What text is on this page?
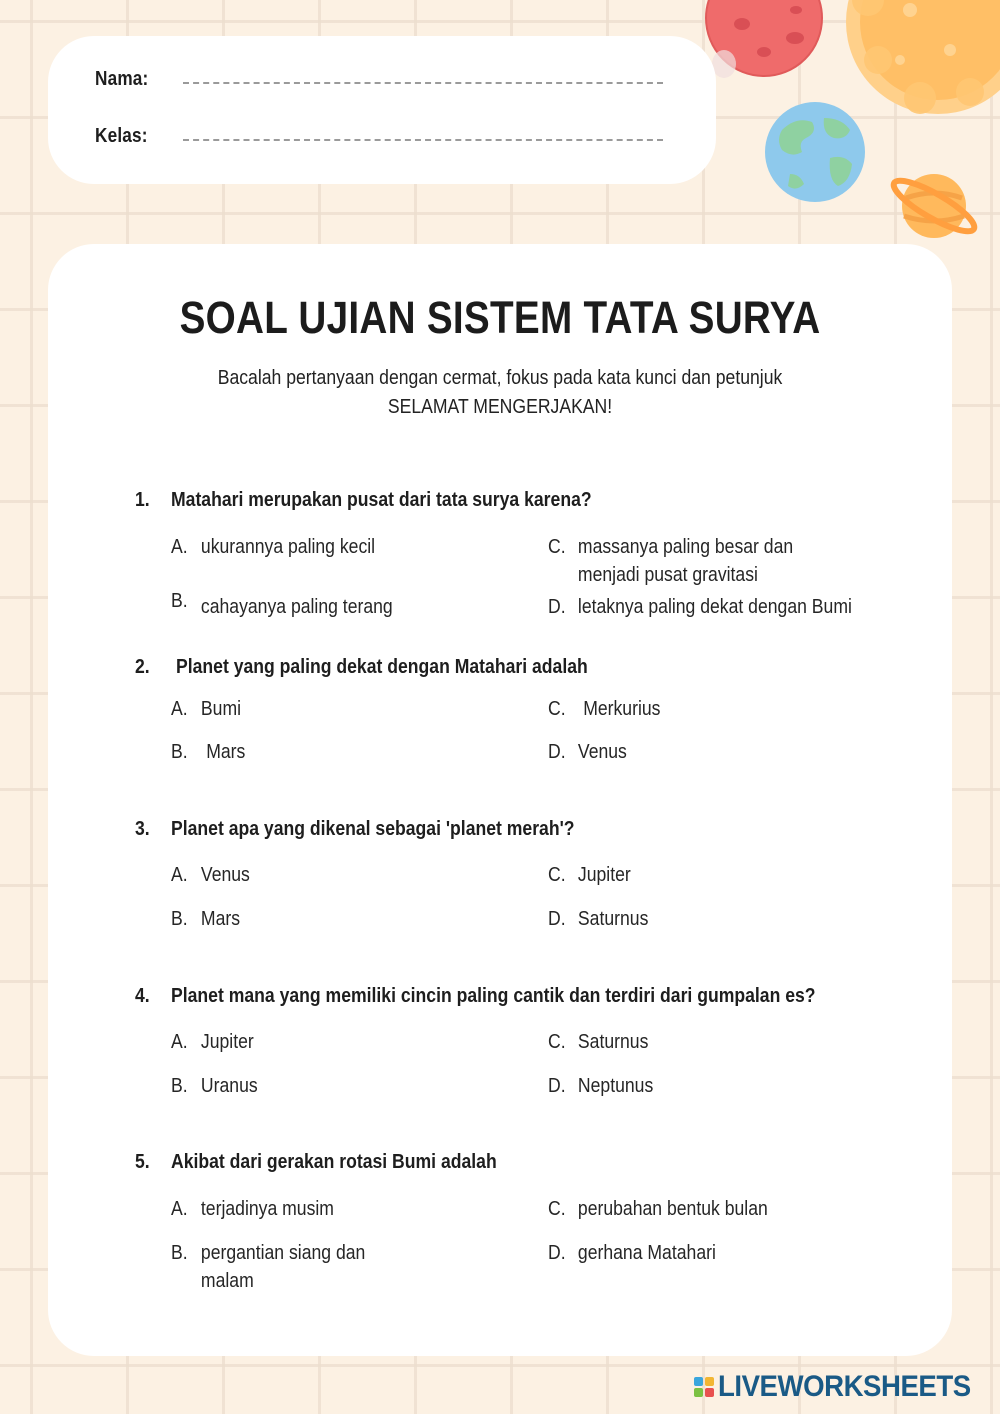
Nama:
Kelas:
SOAL UJIAN SISTEM TATA SURYA
Bacalah pertanyaan dengan cermat, fokus pada kata kunci dan petunjuk
SELAMAT MENGERJAKAN!
1. Matahari merupakan pusat dari tata surya karena?
A. ukurannya paling kecil
B. cahayanya paling terang
C. massanya paling besar dan menjadi pusat gravitasi
D. letaknya paling dekat dengan Bumi
2. Planet yang paling dekat dengan Matahari adalah
A. Bumi
B. Mars
C. Merkurius
D. Venus
3. Planet apa yang dikenal sebagai 'planet merah'?
A. Venus
B. Mars
C. Jupiter
D. Saturnus
4. Planet mana yang memiliki cincin paling cantik dan terdiri dari gumpalan es?
A. Jupiter
B. Uranus
C. Saturnus
D. Neptunus
5. Akibat dari gerakan rotasi Bumi adalah
A. terjadinya musim
B. pergantian siang dan malam
C. perubahan bentuk bulan
D. gerhana Matahari
LIVEWORKSHEETS
